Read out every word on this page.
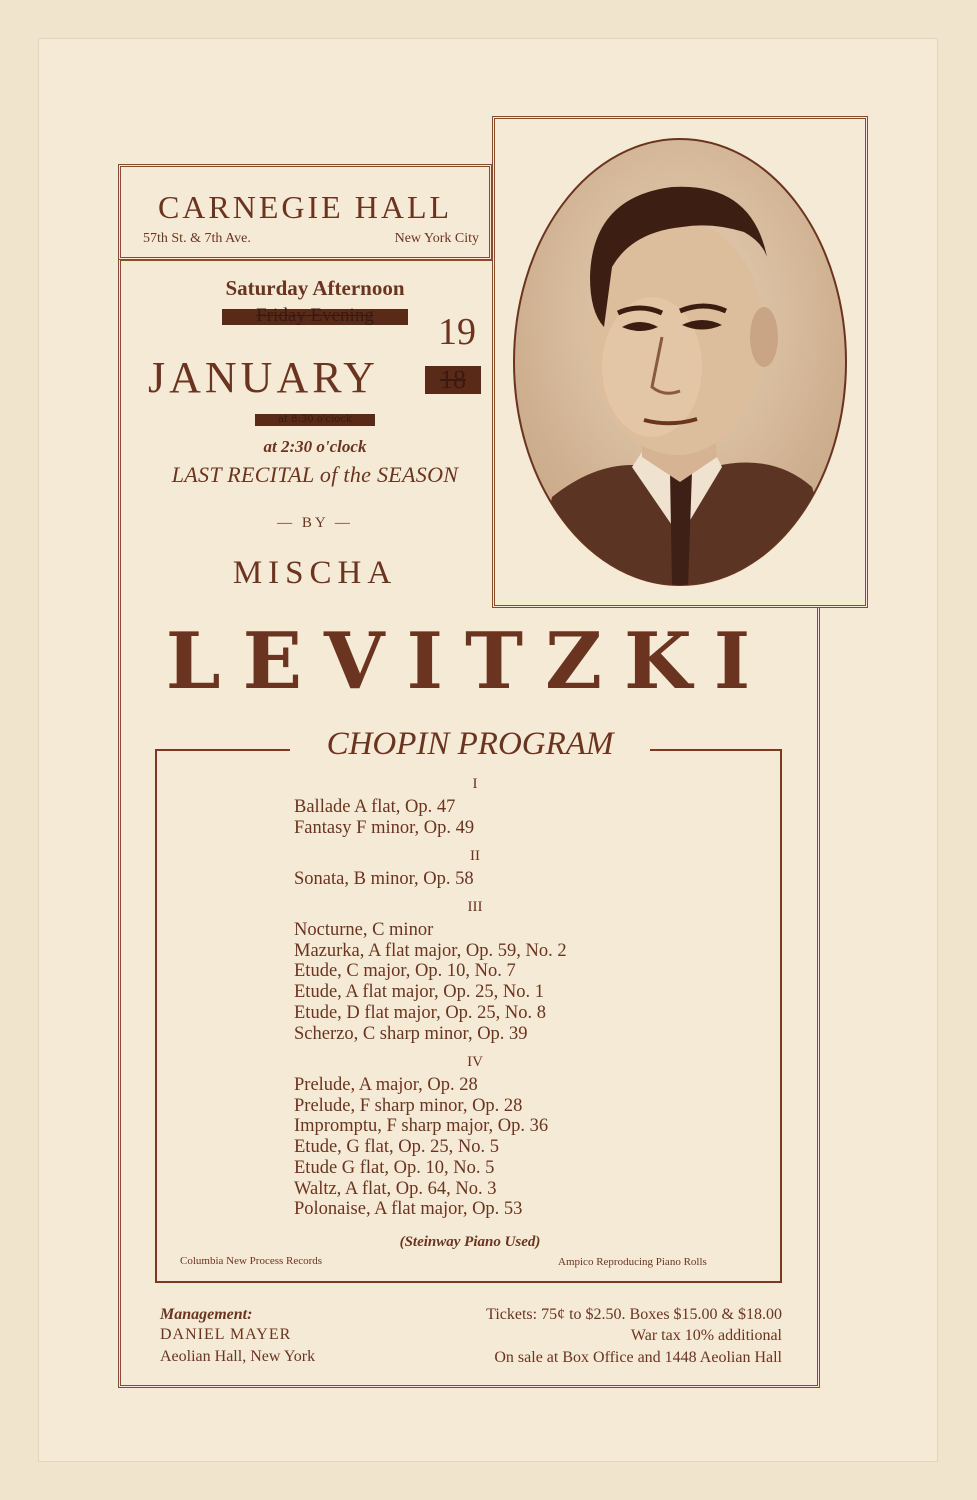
CARNEGIE HALL
57th St. & 7th Ave.	New York City
Saturday Afternoon
Friday Evening	19
JANUARY	18
at 8:30 o'clock
at 2:30 o'clock
LAST RECITAL of the SEASON
— BY —
MISCHA
LEVITZKI
CHOPIN PROGRAM
I
Ballade A flat, Op. 47
Fantasy F minor, Op. 49
II
Sonata, B minor, Op. 58
III
Nocturne, C minor
Mazurka, A flat major, Op. 59, No. 2
Etude, C major, Op. 10, No. 7
Etude, A flat major, Op. 25, No. 1
Etude, D flat major, Op. 25, No. 8
Scherzo, C sharp minor, Op. 39
IV
Prelude, A major, Op. 28
Prelude, F sharp minor, Op. 28
Impromptu, F sharp major, Op. 36
Etude, G flat, Op. 25, No. 5
Etude G flat, Op. 10, No. 5
Waltz, A flat, Op. 64, No. 3
Polonaise, A flat major, Op. 53
(Steinway Piano Used)
Columbia New Process Records	Ampico Reproducing Piano Rolls
Management:
DANIEL MAYER
Aeolian Hall, New York
Tickets: 75¢ to $2.50. Boxes $15.00 & $18.00
War tax 10% additional
On sale at Box Office and 1448 Aeolian Hall
